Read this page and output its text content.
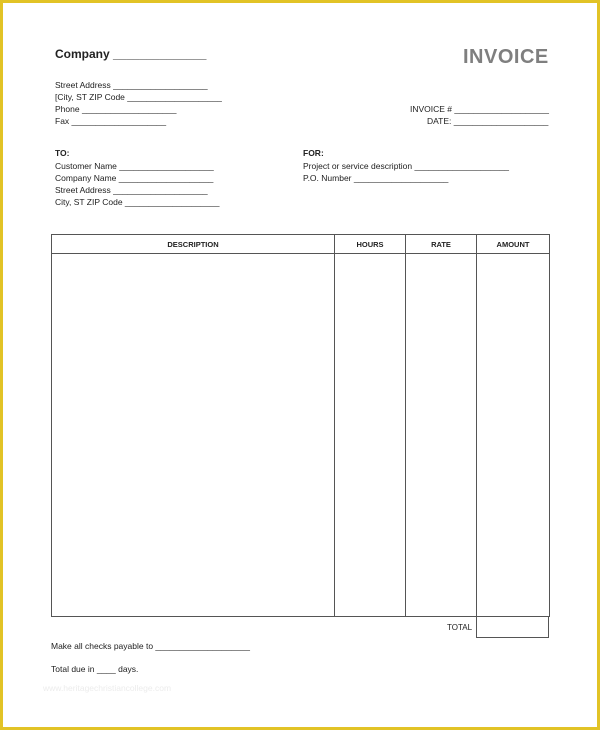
Company ______________	INVOICE
Street Address ____________________
[City, ST ZIP Code ____________________
Phone ____________________
Fax ____________________
INVOICE # ____________________
DATE: ____________________
TO:
Customer Name ____________________
Company Name ____________________
Street Address ____________________
City, ST ZIP Code ____________________
FOR:
Project or service description ____________________
P.O. Number ____________________
DESCRIPTION	HOURS	RATE	AMOUNT

TOTAL
Make all checks payable to ____________________
Total due in ____ days.
www.heritagechristiancollege.com
